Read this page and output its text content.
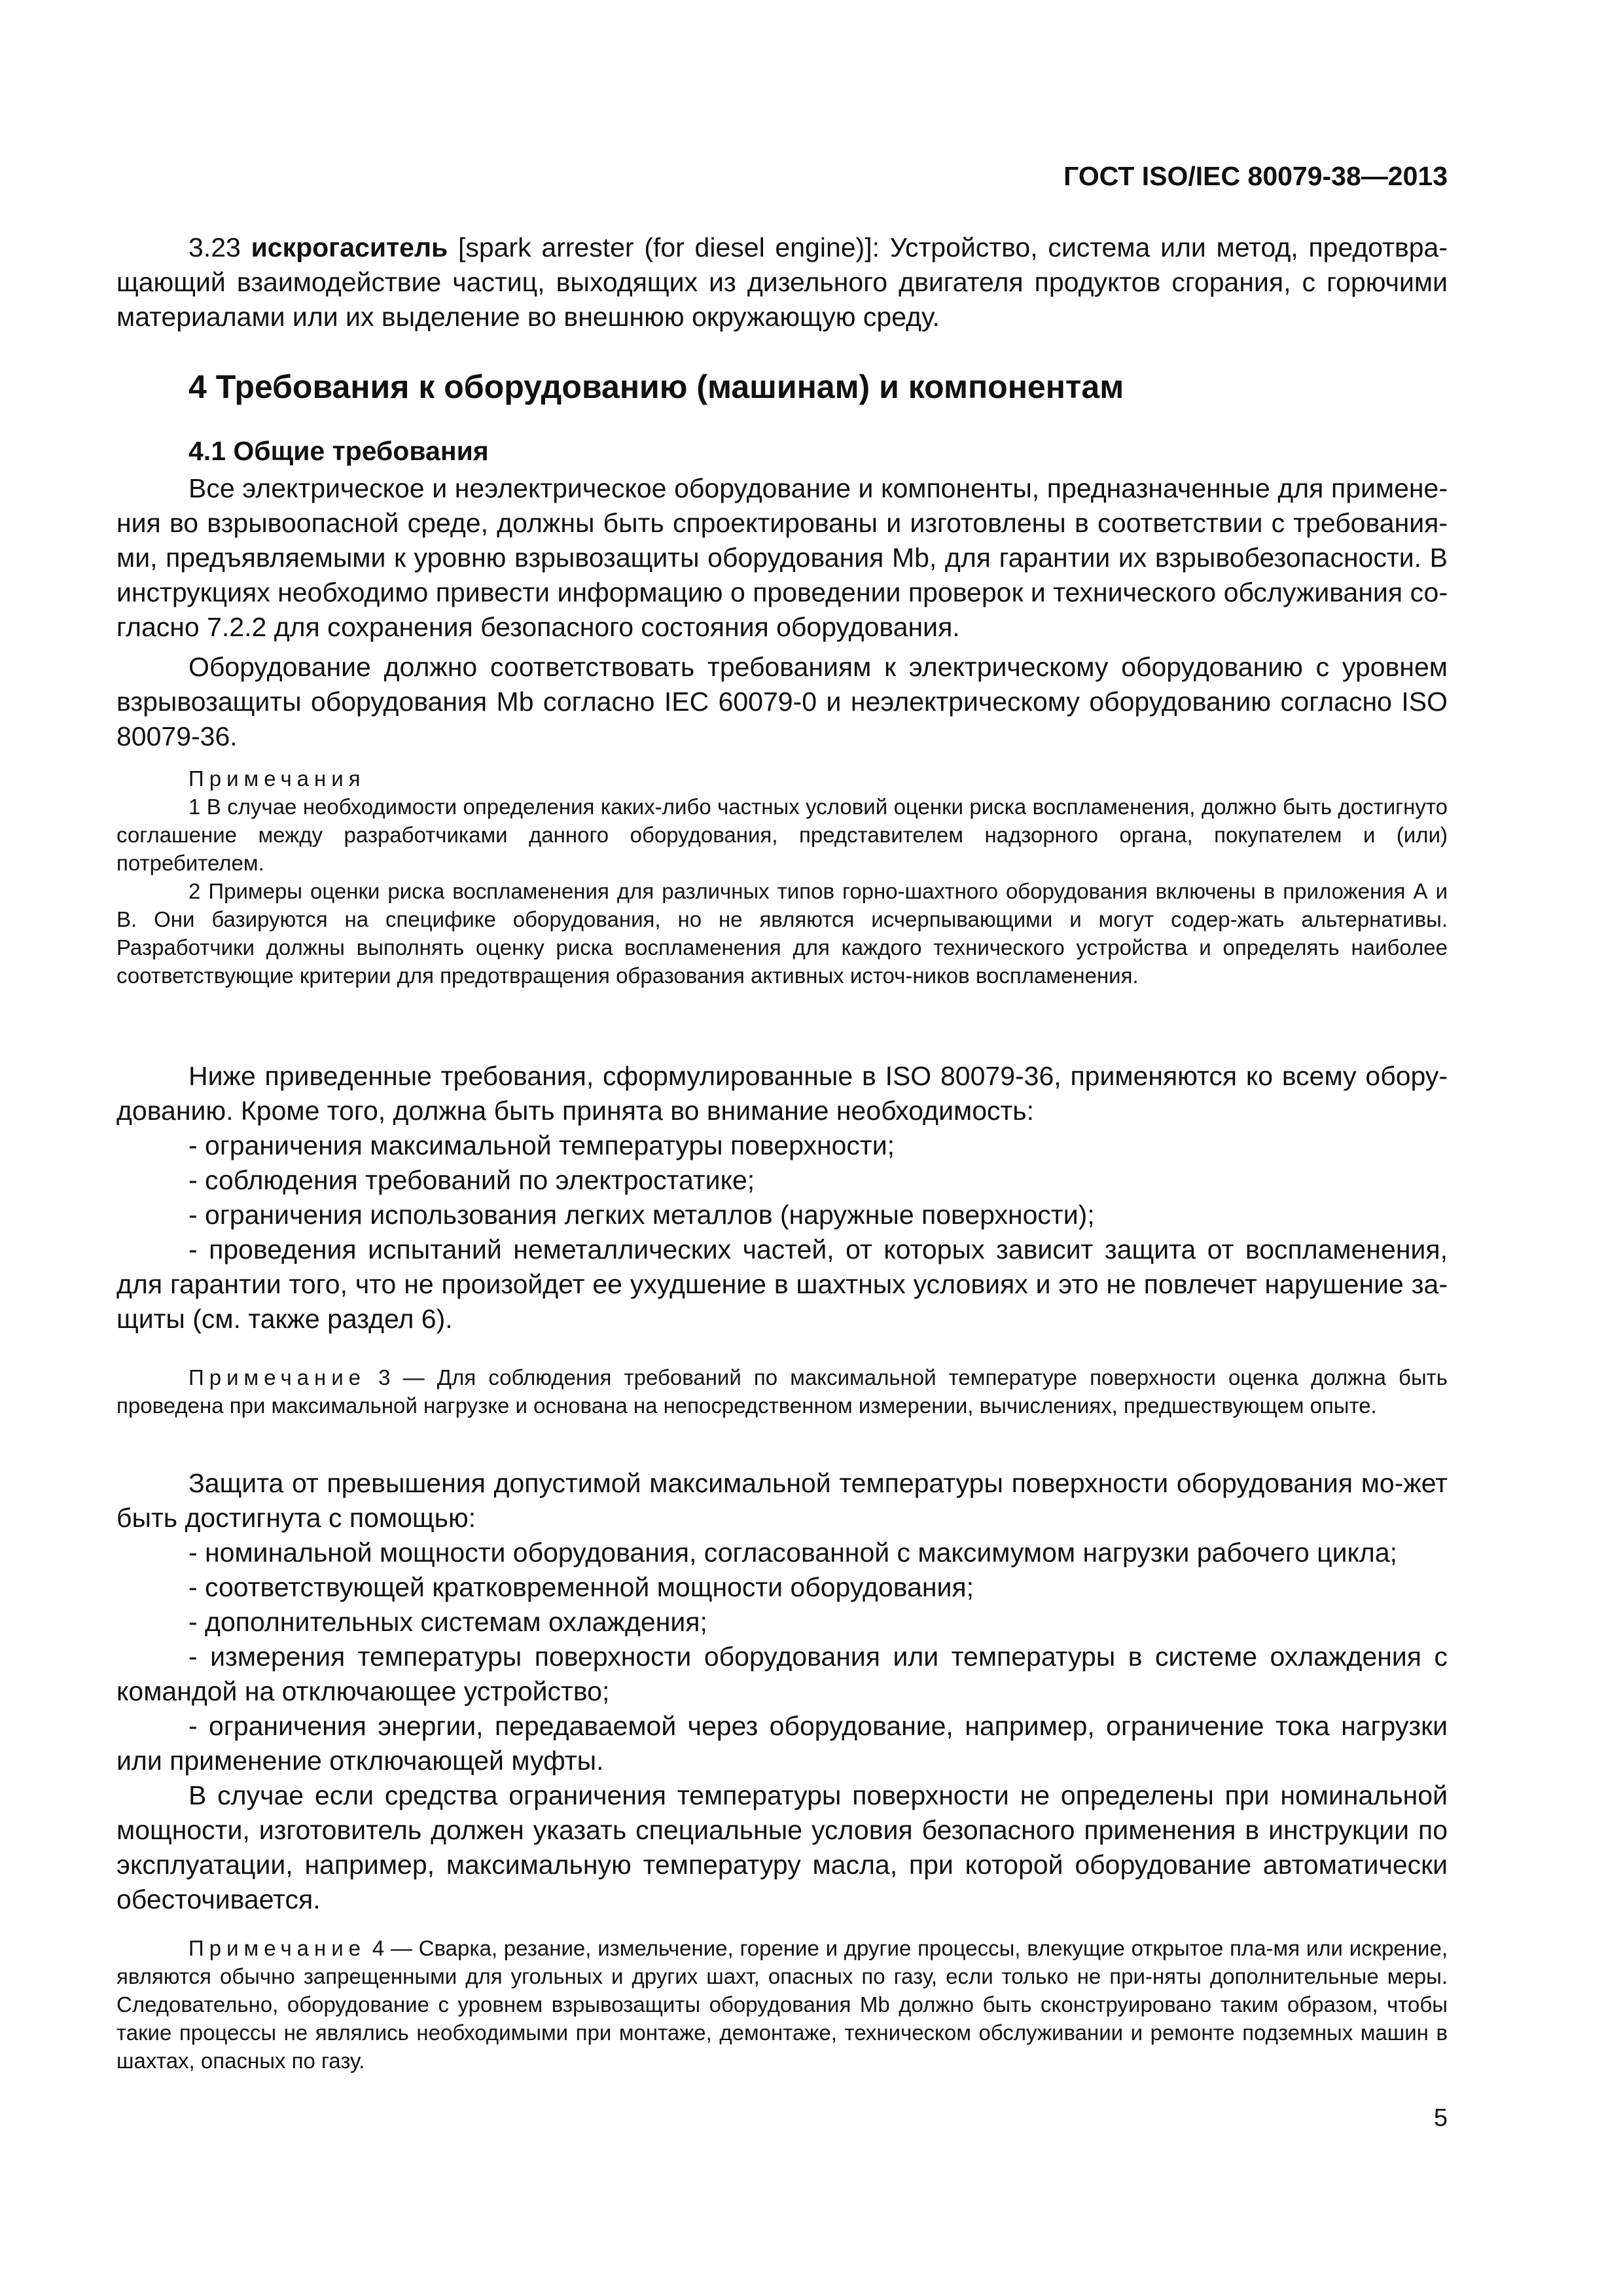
ГОСТ ISO/IEC 80079-38—2013

3.23 искрогаситель [spark arrester (for diesel engine)]: Устройство, система или метод, предотвра-щающий взаимодействие частиц, выходящих из дизельного двигателя продуктов сгорания, с горючими материалами или их выделение во внешнюю окружающую среду.

4 Требования к оборудованию (машинам) и компонентам

4.1 Общие требования

Все электрическое и неэлектрическое оборудование и компоненты, предназначенные для примене-ния во взрывоопасной среде, должны быть спроектированы и изготовлены в соответствии с требования-ми, предъявляемыми к уровню взрывозащиты оборудования Mb, для гарантии их взрывобезопасности. В инструкциях необходимо привести информацию о проведении проверок и технического обслуживания со-гласно 7.2.2 для сохранения безопасного состояния оборудования.

Оборудование должно соответствовать требованиям к электрическому оборудованию с уровнем взрывозащиты оборудования Mb согласно IEC 60079-0 и неэлектрическому оборудованию согласно ISO 80079-36.

Примечания

1 В случае необходимости определения каких-либо частных условий оценки риска воспламенения, должно быть достигнуто соглашение между разработчиками данного оборудования, представителем надзорного органа, покупателем и (или) потребителем.

2 Примеры оценки риска воспламенения для различных типов горно-шахтного оборудования включены в приложения А и В. Они базируются на специфике оборудования, но не являются исчерпывающими и могут содер-жать альтернативы. Разработчики должны выполнять оценку риска воспламенения для каждого технического устройства и определять наиболее соответствующие критерии для предотвращения образования активных источ-ников воспламенения.

Ниже приведенные требования, сформулированные в ISO 80079-36, применяются ко всему обору-дованию. Кроме того, должна быть принята во внимание необходимость:

- ограничения максимальной температуры поверхности;

- соблюдения требований по электростатике;

- ограничения использования легких металлов (наружные поверхности);

- проведения испытаний неметаллических частей, от которых зависит защита от воспламенения, для гарантии того, что не произойдет ее ухудшение в шахтных условиях и это не повлечет нарушение за-щиты (см. также раздел 6).

Примечание 3 — Для соблюдения требований по максимальной температуре поверхности оценка должна быть проведена при максимальной нагрузке и основана на непосредственном измерении, вычислениях, предшествующем опыте.

Защита от превышения допустимой максимальной температуры поверхности оборудования мо-жет быть достигнута с помощью:

- номинальной мощности оборудования, согласованной с максимумом нагрузки рабочего цикла;

- соответствующей кратковременной мощности оборудования;

- дополнительных системам охлаждения;

- измерения температуры поверхности оборудования или температуры в системе охлаждения с командой на отключающее устройство;

- ограничения энергии, передаваемой через оборудование, например, ограничение тока нагрузки или применение отключающей муфты.

В случае если средства ограничения температуры поверхности не определены при номинальной мощности, изготовитель должен указать специальные условия безопасного применения в инструкции по эксплуатации, например, максимальную температуру масла, при которой оборудование автоматически обесточивается.

Примечание 4 — Сварка, резание, измельчение, горение и другие процессы, влекущие открытое пла-мя или искрение, являются обычно запрещенными для угольных и других шахт, опасных по газу, если только не при-няты дополнительные меры. Следовательно, оборудование с уровнем взрывозащиты оборудования Mb должно быть сконструировано таким образом, чтобы такие процессы не являлись необходимыми при монтаже, демонтаже, техническом обслуживании и ремонте подземных машин в шахтах, опасных по газу.

5
